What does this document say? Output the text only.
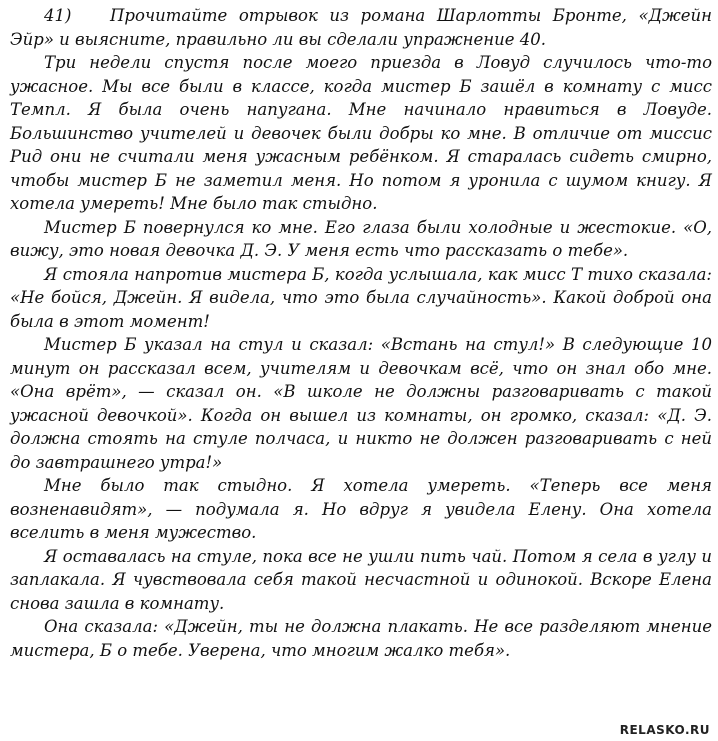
41) Прочитайте отрывок из романа Шарлотты Бронте, «Джейн Эйр» и выясните, правильно ли вы сделали упражнение 40.

Три недели спустя после моего приезда в Ловуд случилось что-то ужасное. Мы все были в классе, когда мистер Б зашёл в комнату с мисс Темпл. Я была очень напугана. Мне начинало нравиться в Ловуде. Большинство учителей и девочек были добры ко мне. В отличие от миссис Рид они не считали меня ужасным ребёнком. Я старалась сидеть смирно, чтобы мистер Б не заметил меня. Но потом я уронила с шумом книгу. Я хотела умереть! Мне было так стыдно.

Мистер Б повернулся ко мне. Его глаза были холодные и жестокие. «О, вижу, это новая девочка Д. Э. У меня есть что рассказать о тебе».

Я стояла напротив мистера Б, когда услышала, как мисс Т тихо сказала: «Не бойся, Джейн. Я видела, что это была случайность». Какой доброй она была в этот момент!

Мистер Б указал на стул и сказал: «Встань на стул!» В следующие 10 минут он рассказал всем, учителям и девочкам всё, что он знал обо мне. «Она врёт», — сказал он. «В школе не должны разговаривать с такой ужасной девочкой». Когда он вышел из комнаты, он громко, сказал: «Д. Э. должна стоять на стуле полчаса, и никто не должен разговаривать с ней до завтрашнего утра!»

Мне было так стыдно. Я хотела умереть. «Теперь все меня возненавидят», — подумала я. Но вдруг я увидела Елену. Она хотела вселить в меня мужество.

Я оставалась на стуле, пока все не ушли пить чай. Потом я села в углу и заплакала. Я чувствовала себя такой несчастной и одинокой. Вскоре Елена снова зашла в комнату.

Она сказала: «Джейн, ты не должна плакать. Не все разделяют мнение мистера, Б о тебе. Уверена, что многим жалко тебя».

RELASKO.RU
